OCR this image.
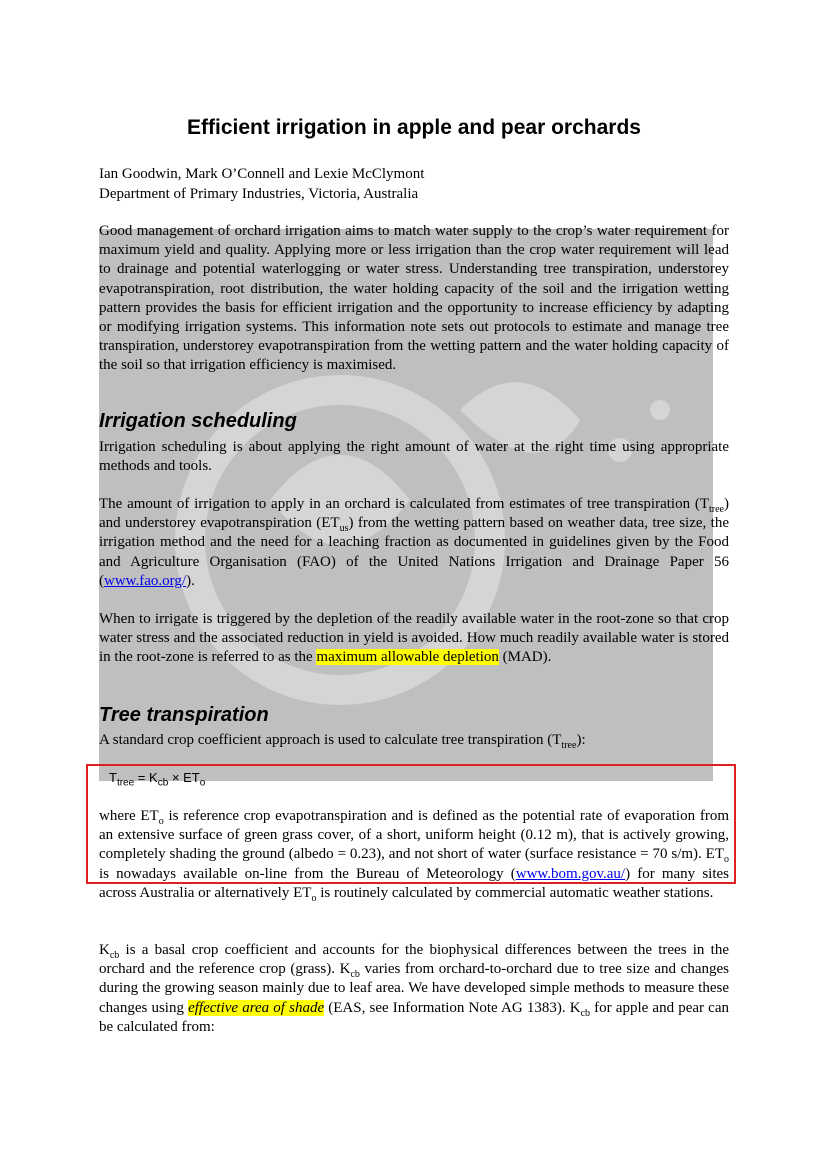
Efficient irrigation in apple and pear orchards
Ian Goodwin, Mark O’Connell and Lexie McClymont
Department of Primary Industries, Victoria, Australia

Good management of orchard irrigation aims to match water supply to the crop’s water requirement for maximum yield and quality. Applying more or less irrigation than the crop water requirement will lead to drainage and potential waterlogging or water stress. Understanding tree transpiration, understorey evapotranspiration, root distribution, the water holding capacity of the soil and the irrigation wetting pattern provides the basis for efficient irrigation and the opportunity to increase efficiency by adapting or modifying irrigation systems. This information note sets out protocols to estimate and manage tree transpiration, understorey evapotranspiration from the wetting pattern and the water holding capacity of the soil so that irrigation efficiency is maximised.

Irrigation scheduling

Irrigation scheduling is about applying the right amount of water at the right time using appropriate methods and tools.

The amount of irrigation to apply in an orchard is calculated from estimates of tree transpiration $(T_{tree})$ and understorey evapotranspiration $(ET_{us})$ from the wetting pattern based on weather data, tree size, the irrigation method and the need for a leaching fraction as documented in guidelines given by the Food and Agriculture Organisation (FAO) of the United Nations Irrigation and Drainage Paper 56 (www.fao.org/).

When to irrigate is triggered by the depletion of the readily available water in the root-zone so that crop water stress and the associated reduction in yield is avoided. How much readily available water is stored in the root-zone is referred to as the maximum allowable depletion (MAD).

Tree transpiration

A standard crop coefficient approach is used to calculate tree transpiration $(T_{tree})$:

$T_{tree} = K_{cb} \times ET_o$

where $ET_o$ is reference crop evapotranspiration and is defined as the potential rate of evaporation from an extensive surface of green grass cover, of a short, uniform height (0.12 m), that is actively growing, completely shading the ground (albedo = 0.23), and not short of water (surface resistance = 70 s/m). $ET_o$ is nowadays available on-line from the Bureau of Meteorology (www.bom.gov.au/) for many sites across Australia or alternatively $ET_o$ is routinely calculated by commercial automatic weather stations.

$K_{cb}$ is a basal crop coefficient and accounts for the biophysical differences between the trees in the orchard and the reference crop (grass). $K_{cb}$ varies from orchard-to-orchard due to tree size and changes during the growing season mainly due to leaf area. We have developed simple methods to measure these changes using effective area of shade (EAS, see Information Note AG 1383). $K_{cb}$ for apple and pear can be calculated from:
